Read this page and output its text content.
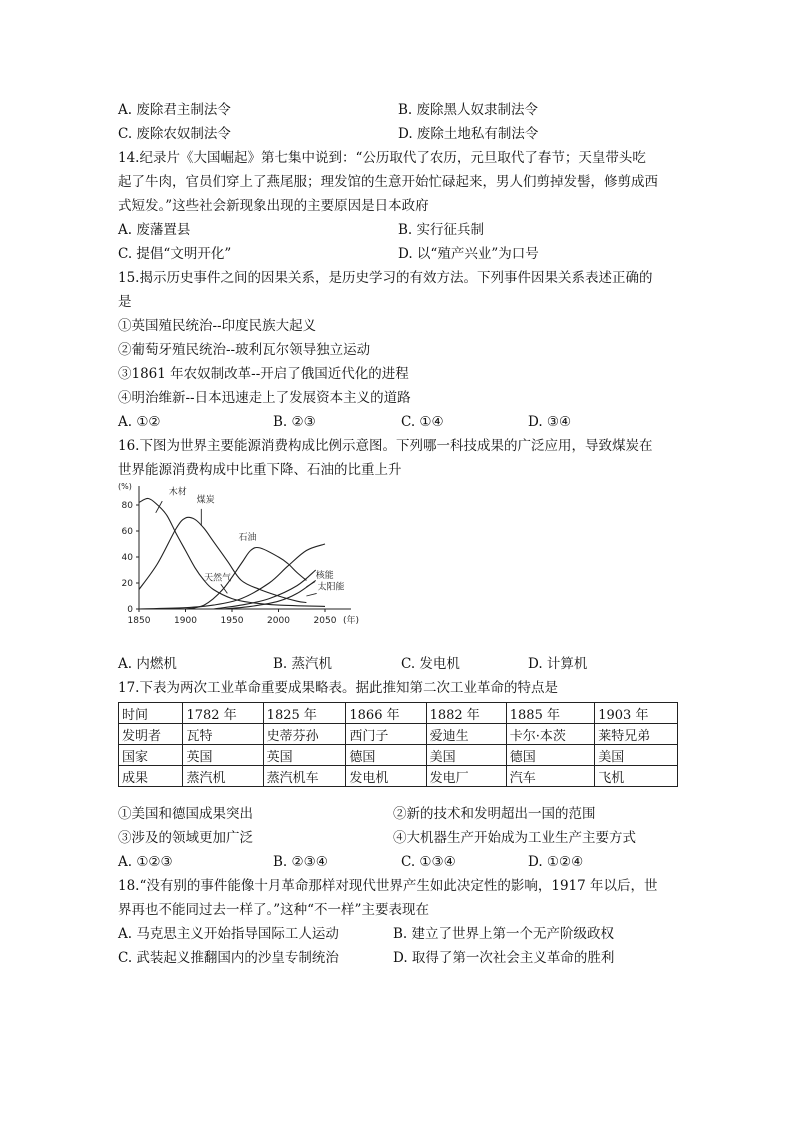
A. 废除君主制法令	B. 废除黑人奴隶制法令
C. 废除农奴制法令	D. 废除土地私有制法令
14.纪录片《大国崛起》第七集中说到：“公历取代了农历，元旦取代了春节；天皇带头吃
起了牛肉，官员们穿上了燕尾服；理发馆的生意开始忙碌起来，男人们剪掉发髻，修剪成西
式短发。”这些社会新现象出现的主要原因是日本政府
A. 废藩置县	B. 实行征兵制
C. 提倡“文明开化”	D. 以“殖产兴业”为口号
15.揭示历史事件之间的因果关系，是历史学习的有效方法。下列事件因果关系表述正确的
是
①英国殖民统治--印度民族大起义
②葡萄牙殖民统治--玻利瓦尔领导独立运动
③1861 年农奴制改革--开启了俄国近代化的进程
④明治维新--日本迅速走上了发展资本主义的道路
A. ①②	B. ②③	C. ①④	D. ③④
16.下图为世界主要能源消费构成比例示意图。下列哪一科技成果的广泛应用，导致煤炭在
世界能源消费构成中比重下降、石油的比重上升
(%)
0
20
40
60
80
1850	1900	1950	2000	2050 (年)
木材
煤炭
石油
天然气	核能
太阳能
A. 内燃机	B. 蒸汽机	C. 发电机	D. 计算机
17.下表为两次工业革命重要成果略表。据此推知第二次工业革命的特点是
时间	1782 年	1825 年	1866 年	1882 年	1885 年	1903 年
发明者	瓦特	史蒂芬孙	西门子	爱迪生	卡尔·本茨	莱特兄弟
国家	英国	英国	德国	美国	德国	美国
成果	蒸汽机	蒸汽机车	发电机	发电厂	汽车	飞机
①美国和德国成果突出	②新的技术和发明超出一国的范围
③涉及的领域更加广泛	④大机器生产开始成为工业生产主要方式
A. ①②③	B. ②③④	C. ①③④	D. ①②④
18.“没有别的事件能像十月革命那样对现代世界产生如此决定性的影响，1917 年以后，世
界再也不能同过去一样了。”这种“不一样”主要表现在
A. 马克思主义开始指导国际工人运动	B. 建立了世界上第一个无产阶级政权
C. 武装起义推翻国内的沙皇专制统治	D. 取得了第一次社会主义革命的胜利
